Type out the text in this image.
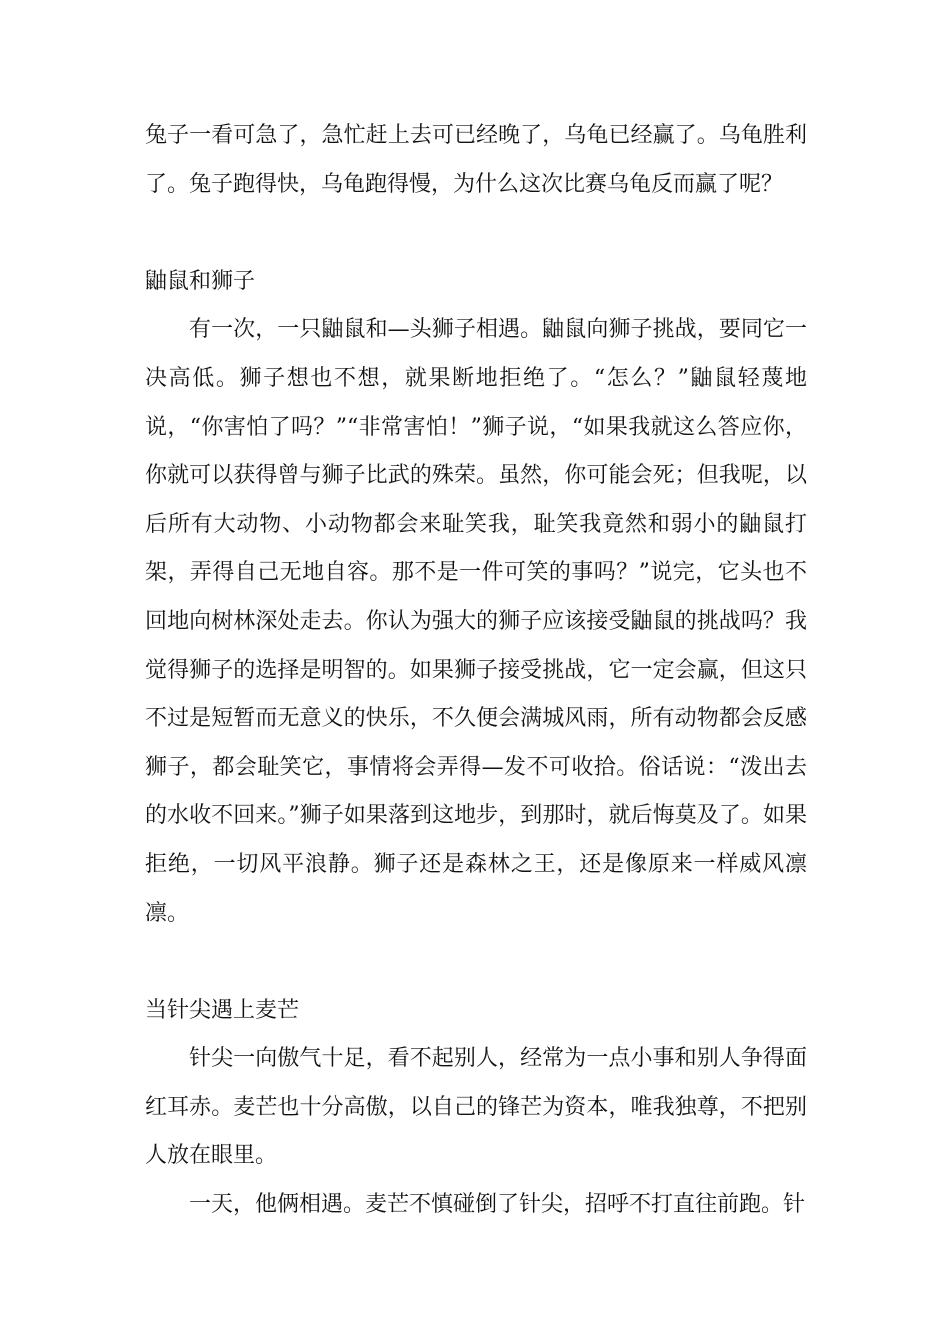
兔子一看可急了，急忙赶上去可已经晚了，乌龟已经赢了。乌龟胜利了。兔子跑得快，乌龟跑得慢，为什么这次比赛乌龟反而赢了呢？

鼬鼠和狮子

有一次，一只鼬鼠和—头狮子相遇。鼬鼠向狮子挑战，要同它一决高低。狮子想也不想，就果断地拒绝了。“怎么？”鼬鼠轻蔑地说，“你害怕了吗？”“非常害怕！”狮子说，“如果我就这么答应你，你就可以获得曾与狮子比武的殊荣。虽然，你可能会死；但我呢，以后所有大动物、小动物都会来耻笑我，耻笑我竟然和弱小的鼬鼠打架，弄得自己无地自容。那不是一件可笑的事吗？”说完，它头也不回地向树林深处走去。你认为强大的狮子应该接受鼬鼠的挑战吗？我觉得狮子的选择是明智的。如果狮子接受挑战，它一定会赢，但这只不过是短暂而无意义的快乐，不久便会满城风雨，所有动物都会反感狮子，都会耻笑它，事情将会弄得—发不可收拾。俗话说：“泼出去的水收不回来。”狮子如果落到这地步，到那时，就后悔莫及了。如果拒绝，一切风平浪静。狮子还是森林之王，还是像原来一样威风凛凛。

当针尖遇上麦芒

针尖一向傲气十足，看不起别人，经常为一点小事和别人争得面红耳赤。麦芒也十分高傲，以自己的锋芒为资本，唯我独尊，不把别人放在眼里。

一天，他俩相遇。麦芒不慎碰倒了针尖，招呼不打直往前跑。针
